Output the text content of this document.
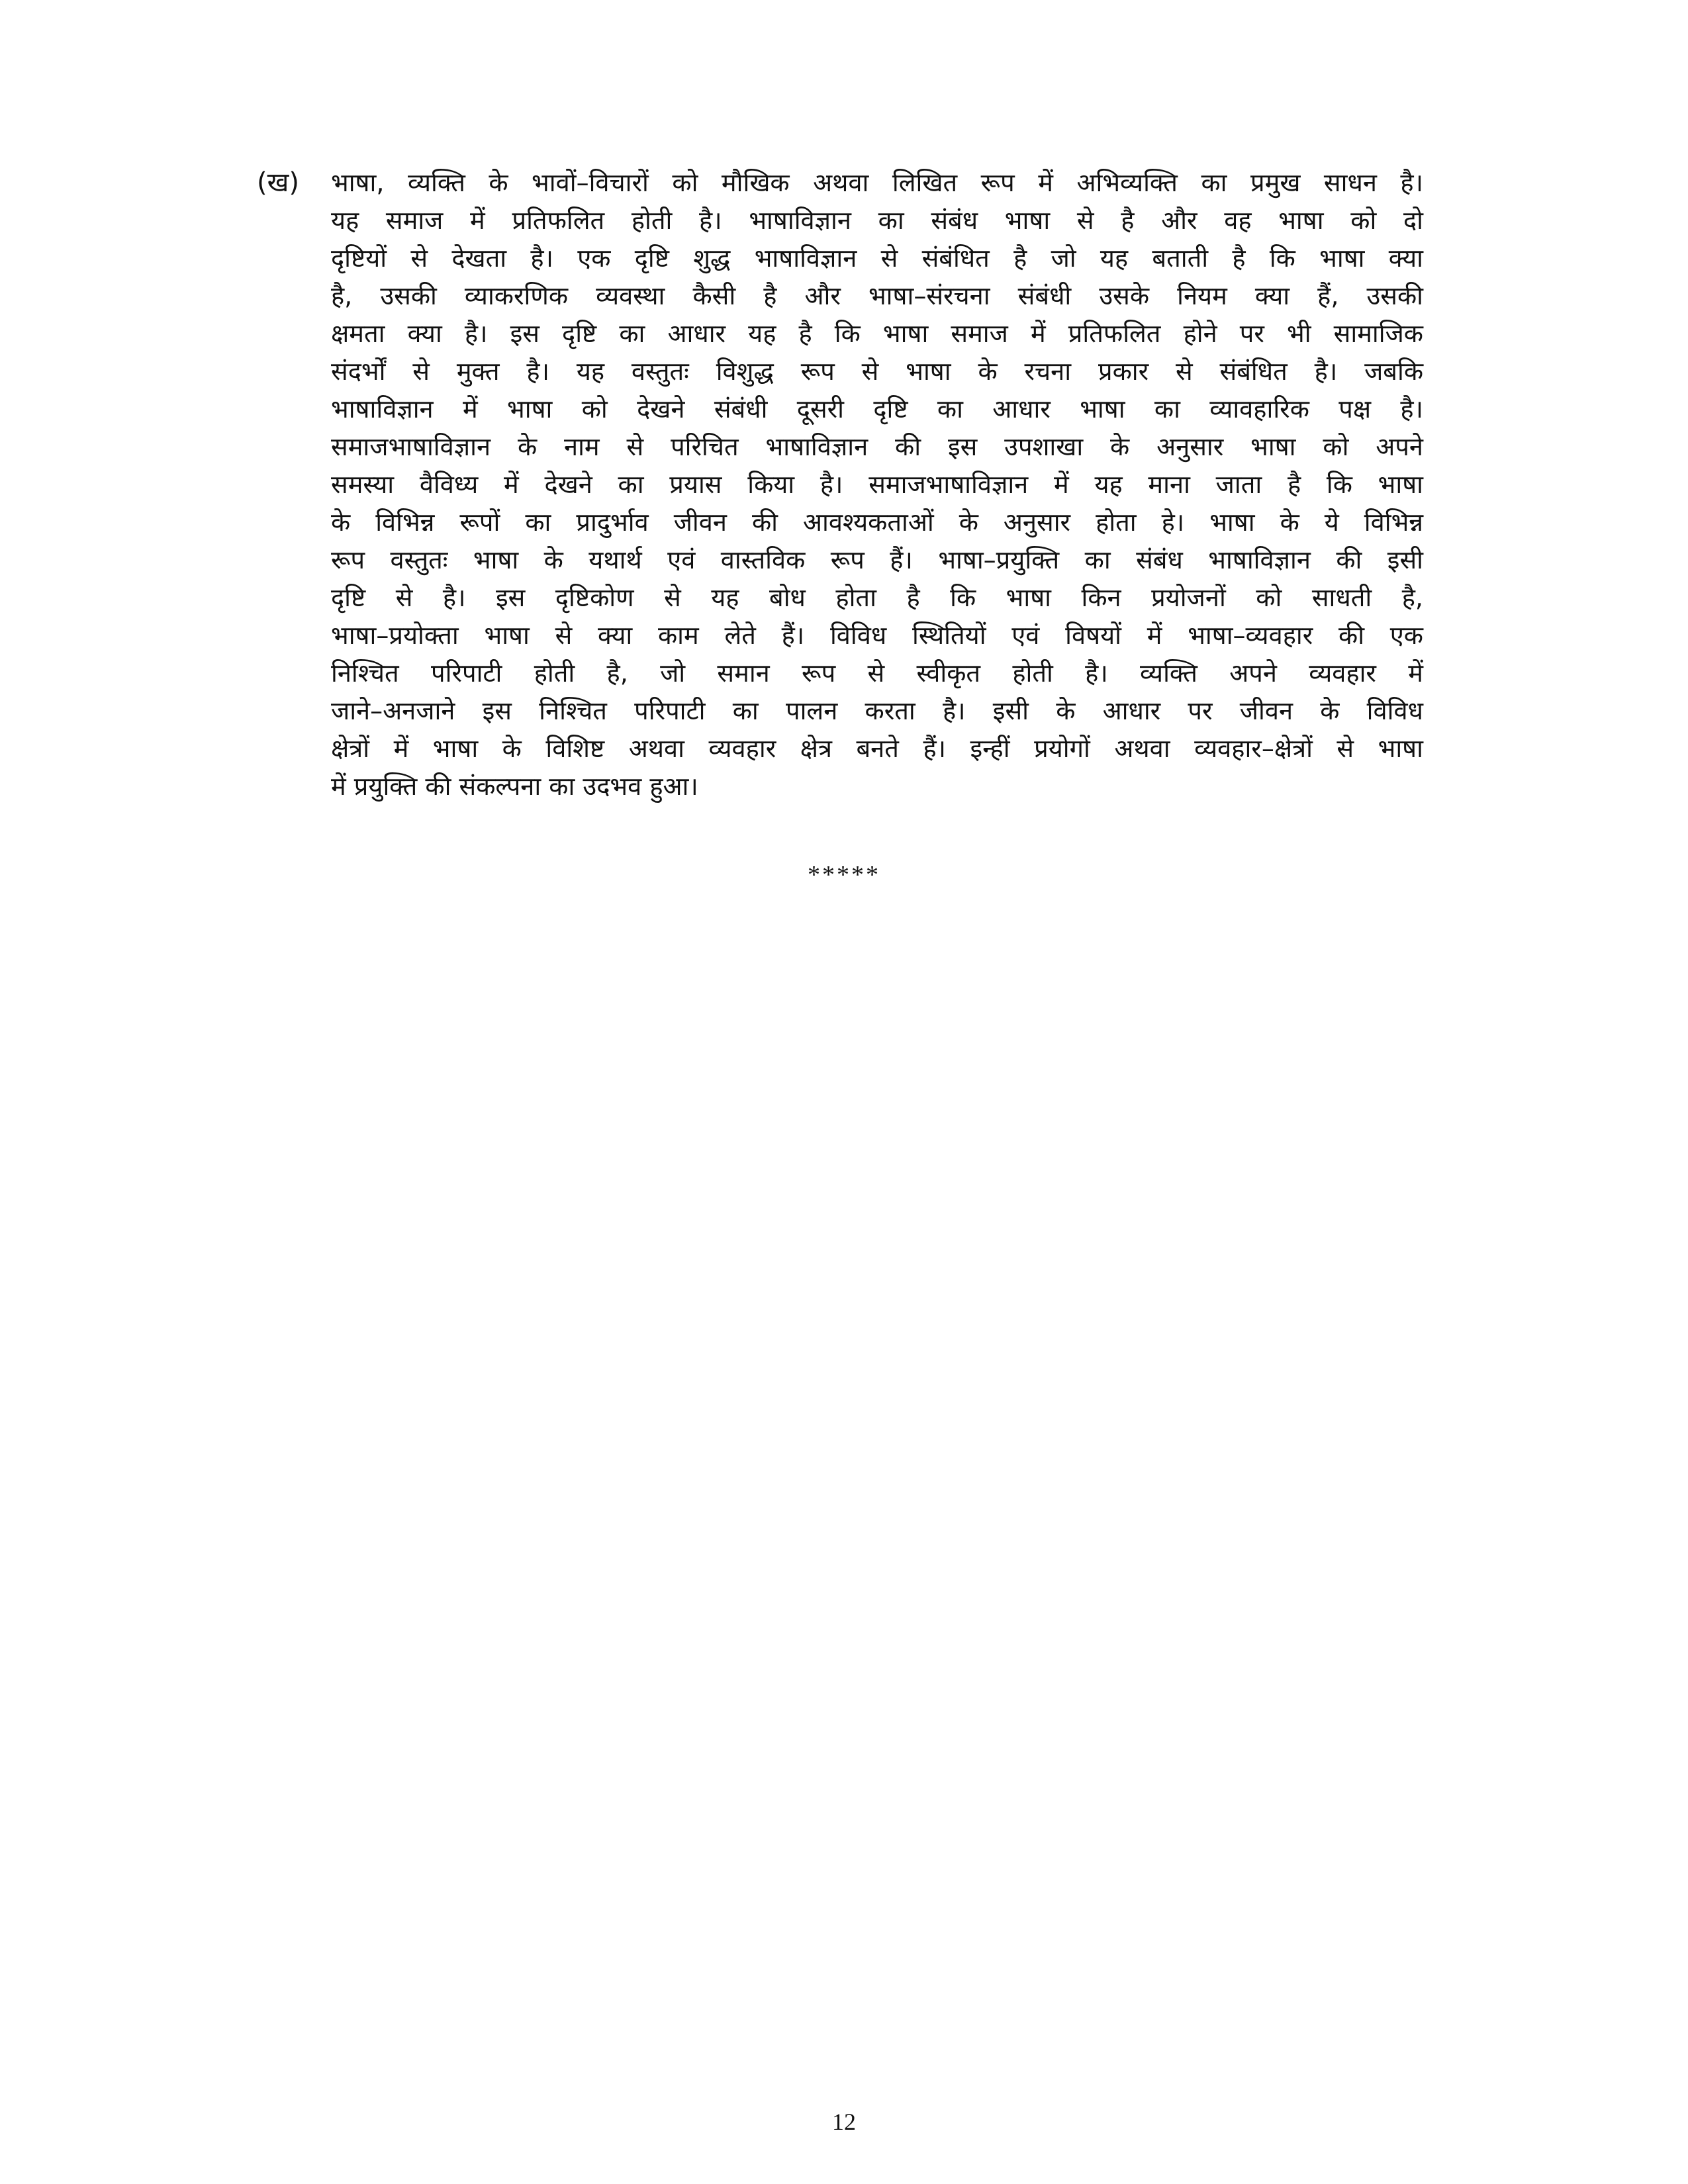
(ख) भाषा, व्यक्ति के भावों–विचारों को मौखिक अथवा लिखित रूप में अभिव्यक्ति का प्रमुख साधन है।
यह समाज में प्रतिफलित होती है। भाषाविज्ञान का संबंध भाषा से है और वह भाषा को दो
दृष्टियों से देखता है। एक दृष्टि शुद्ध भाषाविज्ञान से संबंधित है जो यह बताती है कि भाषा क्या
है, उसकी व्याकरणिक व्यवस्था कैसी है और भाषा–संरचना संबंधी उसके नियम क्या हैं, उसकी
क्षमता क्या है। इस दृष्टि का आधार यह है कि भाषा समाज में प्रतिफलित होने पर भी सामाजिक
संदर्भों से मुक्त है। यह वस्तुतः विशुद्ध रूप से भाषा के रचना प्रकार से संबंधित है। जबकि
भाषाविज्ञान में भाषा को देखने संबंधी दूसरी दृष्टि का आधार भाषा का व्यावहारिक पक्ष है।
समाजभाषाविज्ञान के नाम से परिचित भाषाविज्ञान की इस उपशाखा के अनुसार भाषा को अपने
समस्या वैविध्य में देखने का प्रयास किया है। समाजभाषाविज्ञान में यह माना जाता है कि भाषा
के विभिन्न रूपों का प्रादुर्भाव जीवन की आवश्यकताओं के अनुसार होता हे। भाषा के ये विभिन्न
रूप वस्तुतः भाषा के यथार्थ एवं वास्तविक रूप हैं। भाषा–प्रयुक्ति का संबंध भाषाविज्ञान की इसी
दृष्टि से है। इस दृष्टिकोण से यह बोध होता है कि भाषा किन प्रयोजनों को साधती है,
भाषा–प्रयोक्ता भाषा से क्या काम लेते हैं। विविध स्थितियों एवं विषयों में भाषा–व्यवहार की एक
निश्चित परिपाटी होती है, जो समान रूप से स्वीकृत होती है। व्यक्ति अपने व्यवहार में
जाने–अनजाने इस निश्चित परिपाटी का पालन करता है। इसी के आधार पर जीवन के विविध
क्षेत्रों में भाषा के विशिष्ट अथवा व्यवहार क्षेत्र बनते हैं। इन्हीं प्रयोगों अथवा व्यवहार–क्षेत्रों से भाषा
में प्रयुक्ति की संकल्पना का उदभव हुआ।
*****
12
